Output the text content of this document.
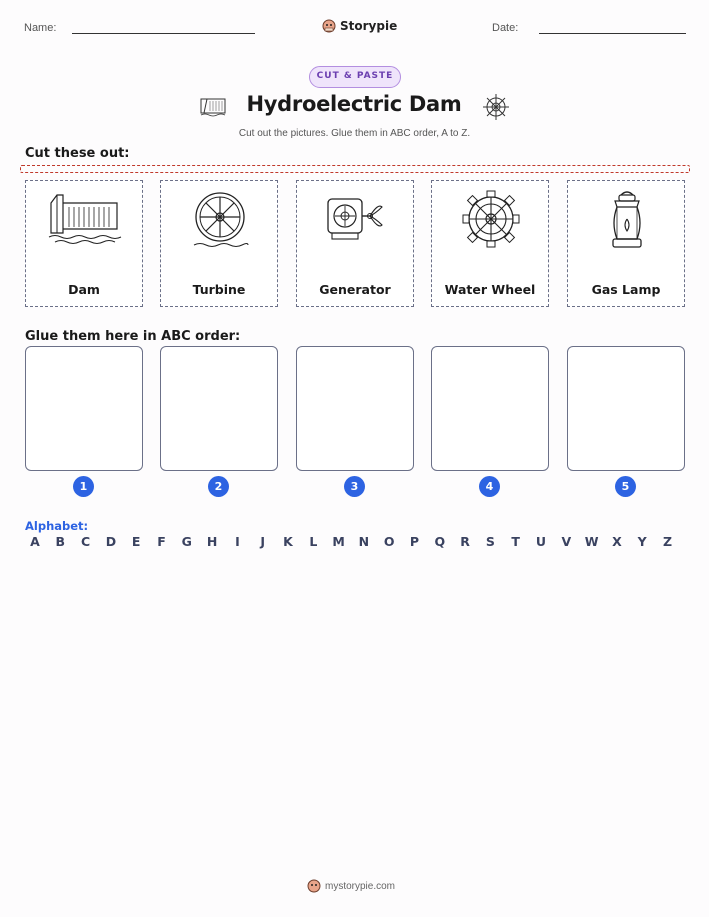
Name:	Storypie	Date:
CUT & PASTE
Hydroelectric Dam
Cut out the pictures. Glue them in ABC order, A to Z.
Cut these out:
Dam	Turbine	Generator	Water Wheel	Gas Lamp
Glue them here in ABC order:
1	2	3	4	5
Alphabet:
A	B	C	D	E	F	G	H	I	J	K	L	M	N	O	P	Q	R	S	T	U	V	W	X	Y	Z
mystorypie.com
